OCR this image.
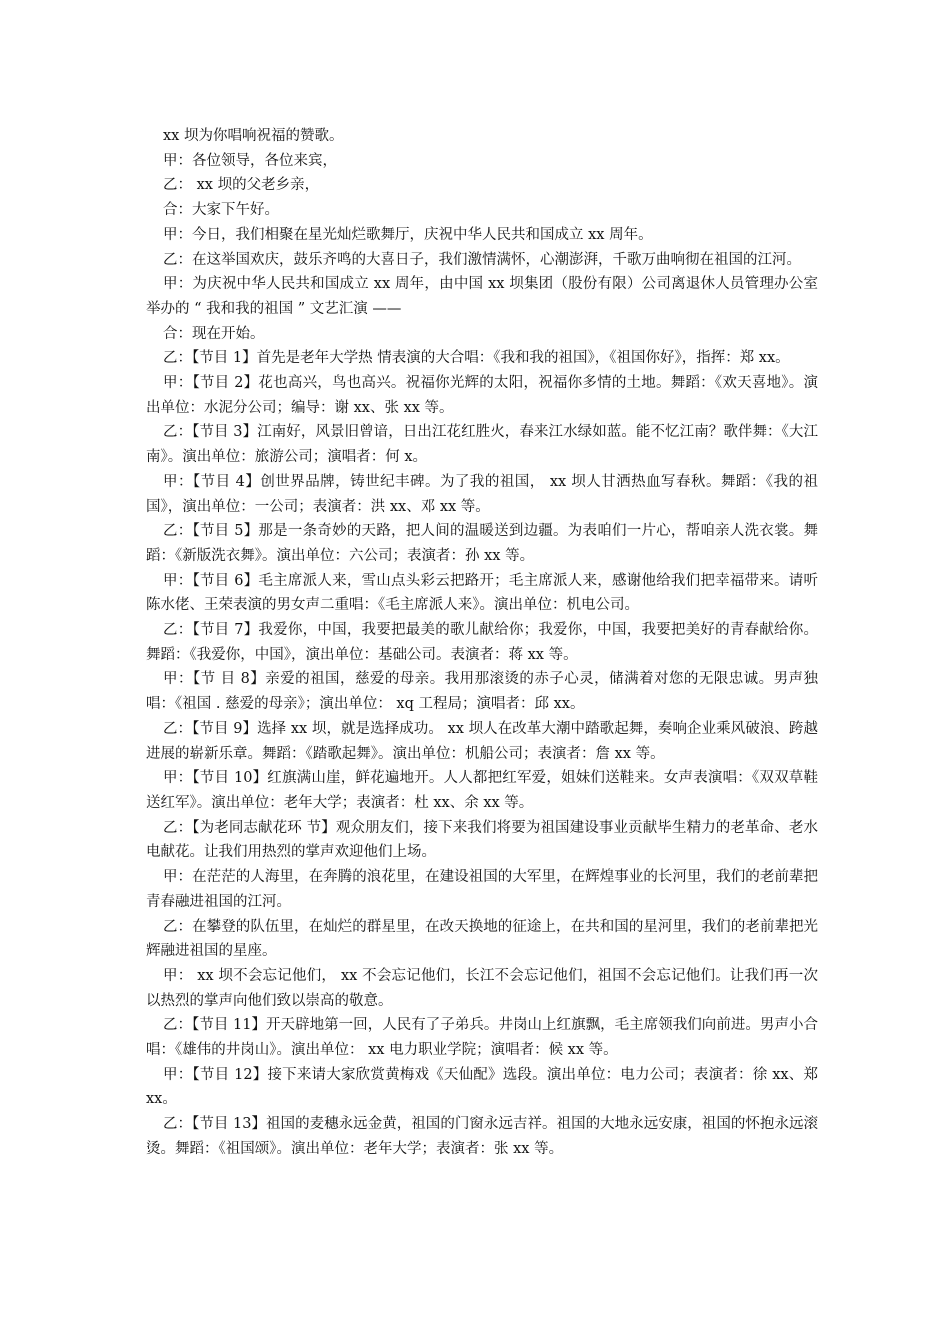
xx 坝为你唱响祝福的赞歌。

甲：各位领导，各位来宾，

乙： xx 坝的父老乡亲，

合：大家下午好。

甲：今日，我们相聚在星光灿烂歌舞厅，庆祝中华人民共和国成立 xx 周年。

乙：在这举国欢庆，鼓乐齐鸣的大喜日子，我们激情满怀，心潮澎湃，千歌万曲响彻在祖国的江河。

甲：为庆祝中华人民共和国成立 xx 周年，由中国 xx 坝集团（股份有限）公司离退休人员管理办公室举办的 “ 我和我的祖国 ” 文艺汇演 ——

合：现在开始。

乙：【节目 1】首先是老年大学热 情表演的大合唱：《我和我的祖国》，《祖国你好》，指挥：郑 xx。

甲：【节目 2】花也高兴，鸟也高兴。祝福你光辉的太阳，祝福你多情的土地。舞蹈：《欢天喜地》。演出单位：水泥分公司；编导：谢 xx、张 xx 等。

乙：【节目 3】江南好，风景旧曾谙，日出江花红胜火，春来江水绿如蓝。能不忆江南？歌伴舞：《大江南》。演出单位：旅游公司；演唱者：何 x。

甲：【节目 4】创世界品牌，铸世纪丰碑。为了我的祖国， xx 坝人甘洒热血写春秋。舞蹈：《我的祖国》，演出单位：一公司；表演者：洪 xx、邓 xx 等。

乙：【节目 5】那是一条奇妙的天路，把人间的温暖送到边疆。为表咱们一片心，帮咱亲人洗衣裳。舞蹈：《新版洗衣舞》。演出单位：六公司；表演者：孙 xx 等。

甲：【节目 6】毛主席派人来，雪山点头彩云把路开；毛主席派人来，感谢他给我们把幸福带来。请听陈水佬、王荣表演的男女声二重唱：《毛主席派人来》。演出单位：机电公司。

乙：【节目 7】我爱你，中国，我要把最美的歌儿献给你；我爱你，中国，我要把美好的青春献给你。舞蹈：《我爱你，中国》，演出单位：基础公司。表演者：蒋 xx 等。

甲：【节 目 8】亲爱的祖国，慈爱的母亲。我用那滚烫的赤子心灵，储满着对您的无限忠诚。男声独唱：《祖国 . 慈爱的母亲》；演出单位： xq 工程局；演唱者：邱 xx。

乙：【节目 9】选择 xx 坝，就是选择成功。 xx 坝人在改革大潮中踏歌起舞，奏响企业乘风破浪、跨越进展的崭新乐章。舞蹈：《踏歌起舞》。演出单位：机船公司；表演者：詹 xx 等。

甲：【节目 10】红旗满山崖，鲜花遍地开。人人都把红军爱，姐妹们送鞋来。女声表演唱：《双双草鞋送红军》。演出单位：老年大学；表演者：杜 xx、余 xx 等。

乙：【为老同志献花环 节】观众朋友们，接下来我们将要为祖国建设事业贡献毕生精力的老革命、老水电献花。让我们用热烈的掌声欢迎他们上场。

甲：在茫茫的人海里，在奔腾的浪花里，在建设祖国的大军里，在辉煌事业的长河里，我们的老前辈把青春融进祖国的江河。

乙：在攀登的队伍里，在灿烂的群星里，在改天换地的征途上，在共和国的星河里，我们的老前辈把光辉融进祖国的星座。

甲： xx 坝不会忘记他们， xx 不会忘记他们，长江不会忘记他们，祖国不会忘记他们。让我们再一次以热烈的掌声向他们致以崇高的敬意。

乙：【节目 11】开天辟地第一回，人民有了子弟兵。井岗山上红旗飘，毛主席领我们向前进。男声小合唱：《雄伟的井岗山》。演出单位： xx 电力职业学院；演唱者：候 xx 等。

甲：【节目 12】接下来请大家欣赏黄梅戏《天仙配》选段。演出单位：电力公司；表演者：徐 xx、郑 xx。

乙：【节目 13】祖国的麦穗永远金黄，祖国的门窗永远吉祥。祖国的大地永远安康，祖国的怀抱永远滚烫。舞蹈：《祖国颂》。演出单位：老年大学；表演者：张 xx 等。
